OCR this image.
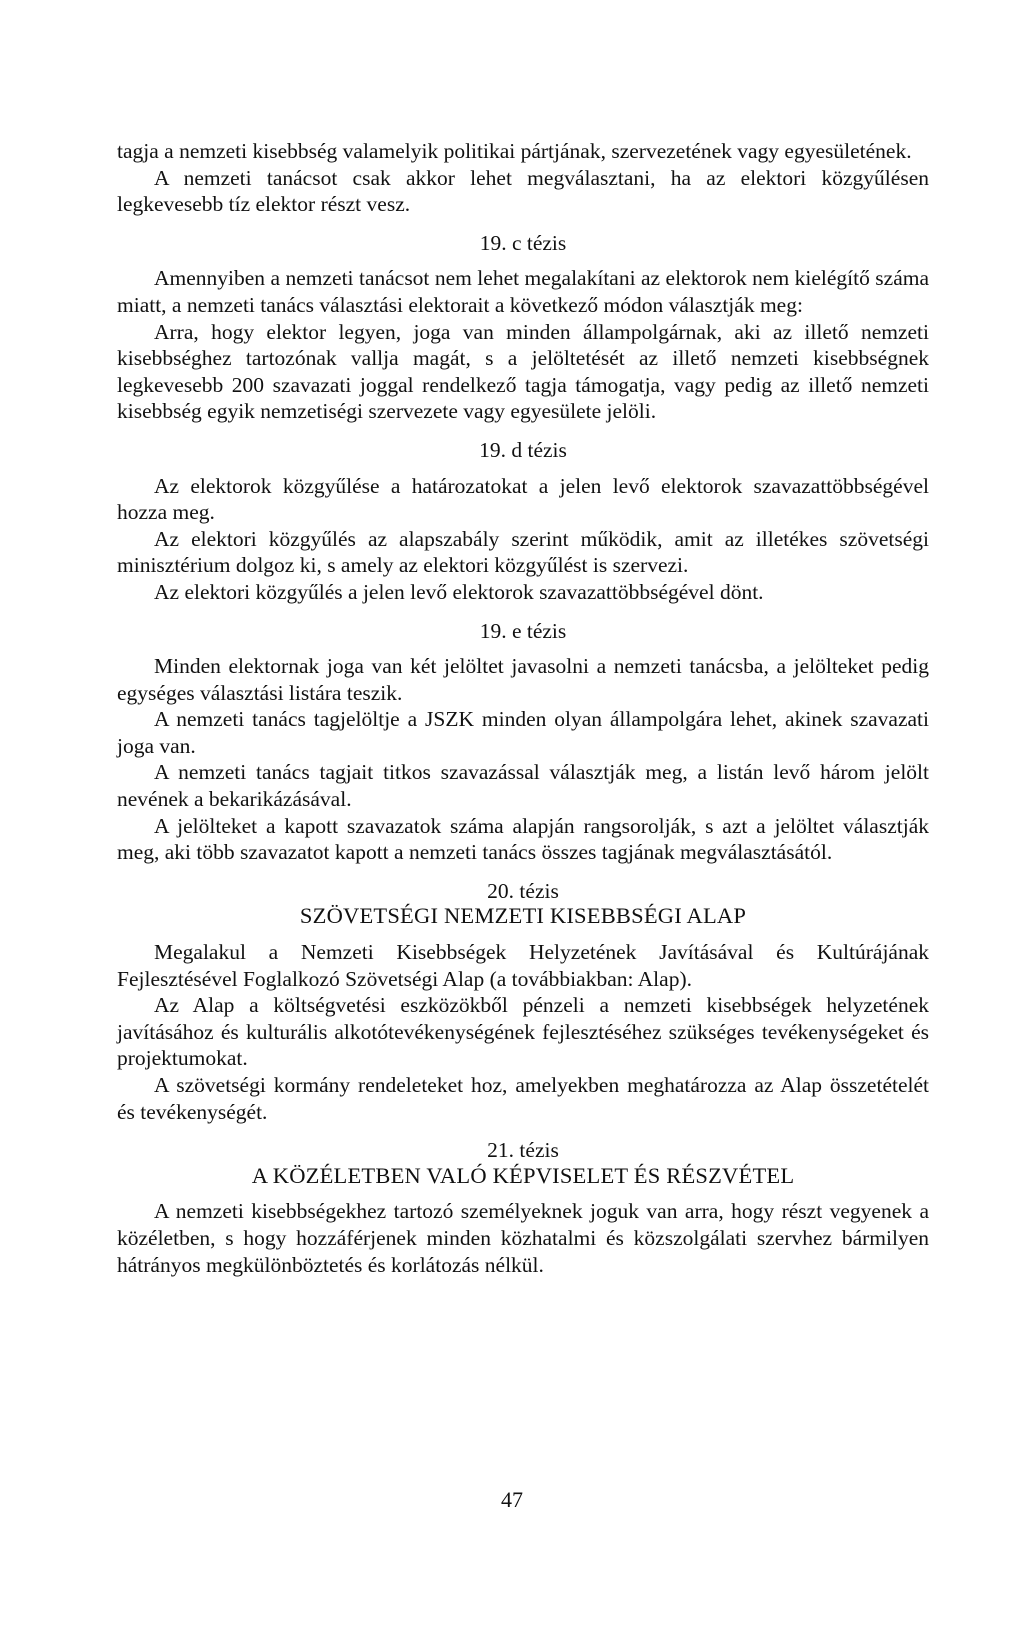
tagja a nemzeti kisebbség valamelyik politikai pártjának, szervezetének vagy egyesületének.

A nemzeti tanácsot csak akkor lehet megválasztani, ha az elektori közgyűlésen legkevesebb tíz elektor részt vesz.

19. c tézis

Amennyiben a nemzeti tanácsot nem lehet megalakítani az elektorok nem kielégítő száma miatt, a nemzeti tanács választási elektorait a következő módon választják meg:

Arra, hogy elektor legyen, joga van minden állampolgárnak, aki az illető nemzeti kisebbséghez tartozónak vallja magát, s a jelöltetését az illető nemzeti kisebbségnek legkevesebb 200 szavazati joggal rendelkező tagja támogatja, vagy pedig az illető nemzeti kisebbség egyik nemzetiségi szervezete vagy egyesülete jelöli.

19. d tézis

Az elektorok közgyűlése a határozatokat a jelen levő elektorok szavazattöbbségével hozza meg.

Az elektori közgyűlés az alapszabály szerint működik, amit az illetékes szövetségi minisztérium dolgoz ki, s amely az elektori közgyűlést is szervezi.

Az elektori közgyűlés a jelen levő elektorok szavazattöbbségével dönt.

19. e tézis

Minden elektornak joga van két jelöltet javasolni a nemzeti tanácsba, a jelölteket pedig egységes választási listára teszik.

A nemzeti tanács tagjelöltje a JSZK minden olyan állampolgára lehet, akinek szavazati joga van.

A nemzeti tanács tagjait titkos szavazással választják meg, a listán levő három jelölt nevének a bekarikázásával.

A jelölteket a kapott szavazatok száma alapján rangsorolják, s azt a jelöltet választják meg, aki több szavazatot kapott a nemzeti tanács összes tagjának megválasztásától.

20. tézis

SZÖVETSÉGI NEMZETI KISEBBSÉGI ALAP

Megalakul a Nemzeti Kisebbségek Helyzetének Javításával és Kultúrájának Fejlesztésével Foglalkozó Szövetségi Alap (a továbbiakban: Alap).

Az Alap a költségvetési eszközökből pénzeli a nemzeti kisebbségek helyzetének javításához és kulturális alkotótevékenységének fejlesztéséhez szükséges tevékenységeket és projektumokat.

A szövetségi kormány rendeleteket hoz, amelyekben meghatározza az Alap összetételét és tevékenységét.

21. tézis

A KÖZÉLETBEN VALÓ KÉPVISELET ÉS RÉSZVÉTEL

A nemzeti kisebbségekhez tartozó személyeknek joguk van arra, hogy részt vegyenek a közéletben, s hogy hozzáférjenek minden közhatalmi és közszolgálati szervhez bármilyen hátrányos megkülönböztetés és korlátozás nélkül.

47
